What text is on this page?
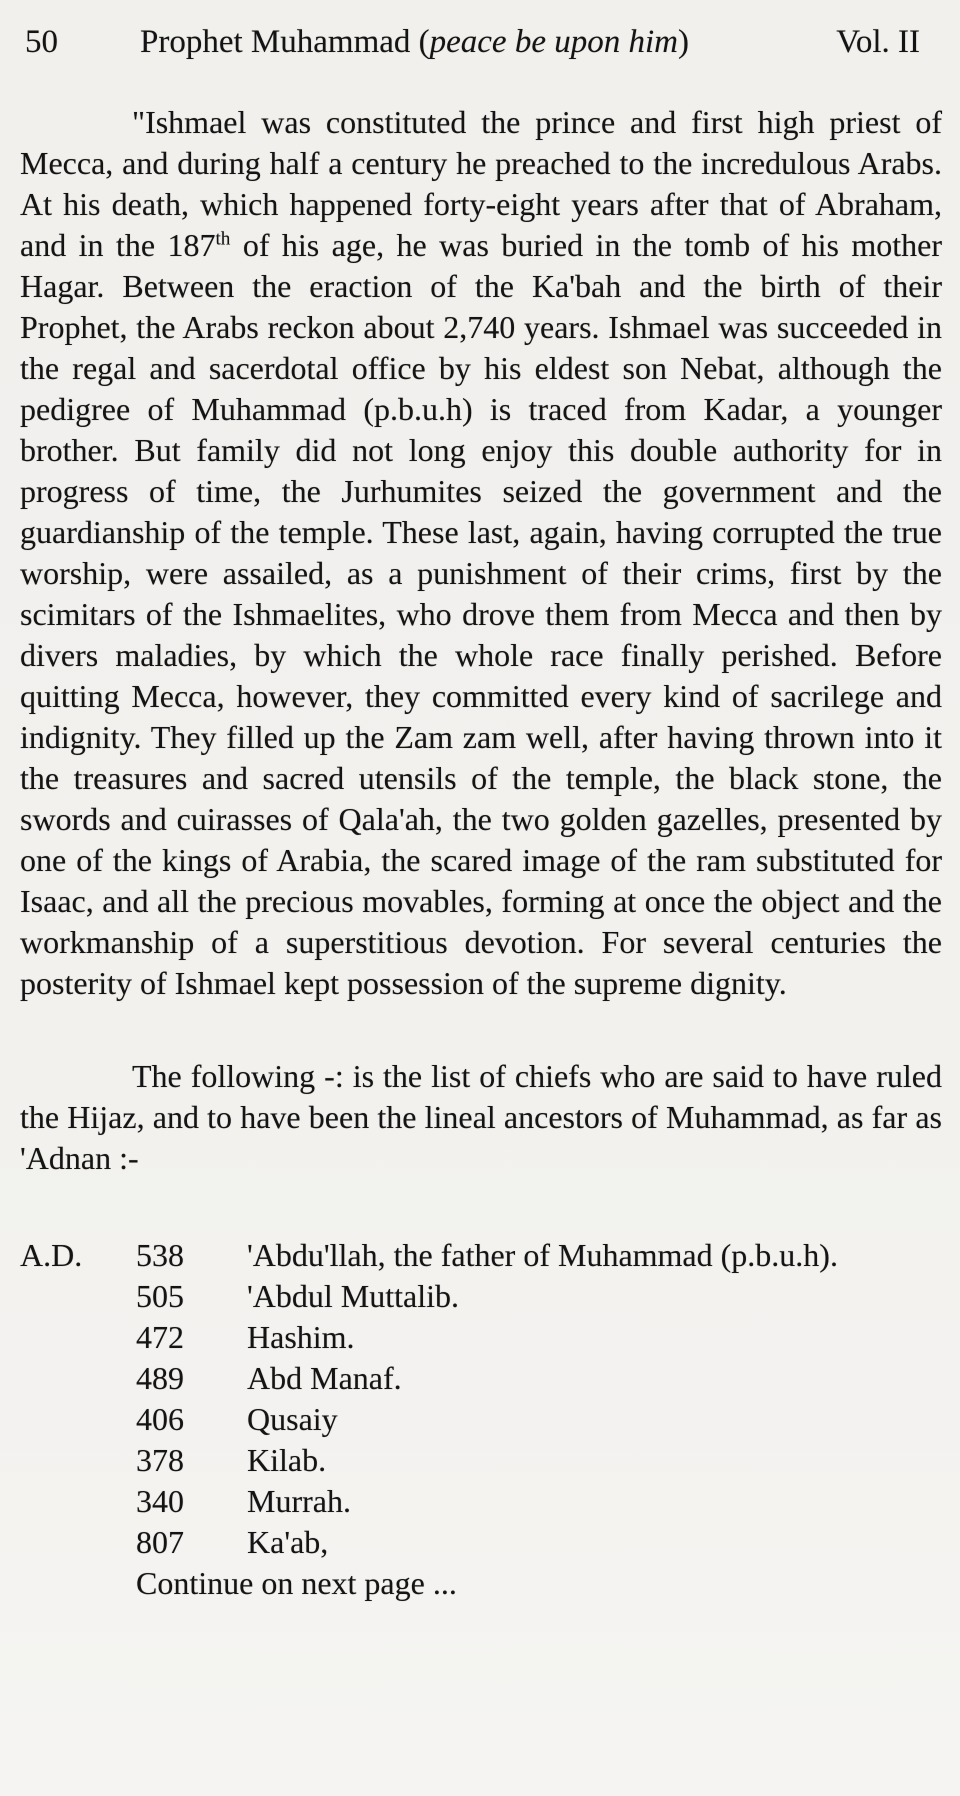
50	Prophet Muhammad (peace be upon him)	Vol. II

"Ishmael was constituted the prince and first high priest of Mecca, and during half a century he preached to the incredulous Arabs. At his death, which happened forty-eight years after that of Abraham, and in the 187th of his age, he was buried in the tomb of his mother Hagar. Between the eraction of the Ka'bah and the birth of their Prophet, the Arabs reckon about 2,740 years. Ishmael was succeeded in the regal and sacerdotal office by his eldest son Nebat, although the pedigree of Muhammad (p.b.u.h) is traced from Kadar, a younger brother. But family did not long enjoy this double authority for in progress of time, the Jurhumites seized the government and the guardianship of the temple. These last, again, having corrupted the true worship, were assailed, as a punishment of their crims, first by the scimitars of the Ishmaelites, who drove them from Mecca and then by divers maladies, by which the whole race finally perished. Before quitting Mecca, however, they committed every kind of sacrilege and indignity. They filled up the Zam zam well, after having thrown into it the treasures and sacred utensils of the temple, the black stone, the swords and cuirasses of Qala'ah, the two golden gazelles, presented by one of the kings of Arabia, the scared image of the ram substituted for Isaac, and all the precious movables, forming at once the object and the workmanship of a superstitious devotion. For several centuries the posterity of Ishmael kept possession of the supreme dignity.

The following -: is the list of chiefs who are said to have ruled the Hijaz, and to have been the lineal ancestors of Muhammad, as far as 'Adnan :-

A.D.	538	'Abdu'llah, the father of Muhammad (p.b.u.h).
505	'Abdul Muttalib.
472	Hashim.
489	Abd Manaf.
406	Qusaiy
378	Kilab.
340	Murrah.
807	Ka'ab,
Continue on next page ...
